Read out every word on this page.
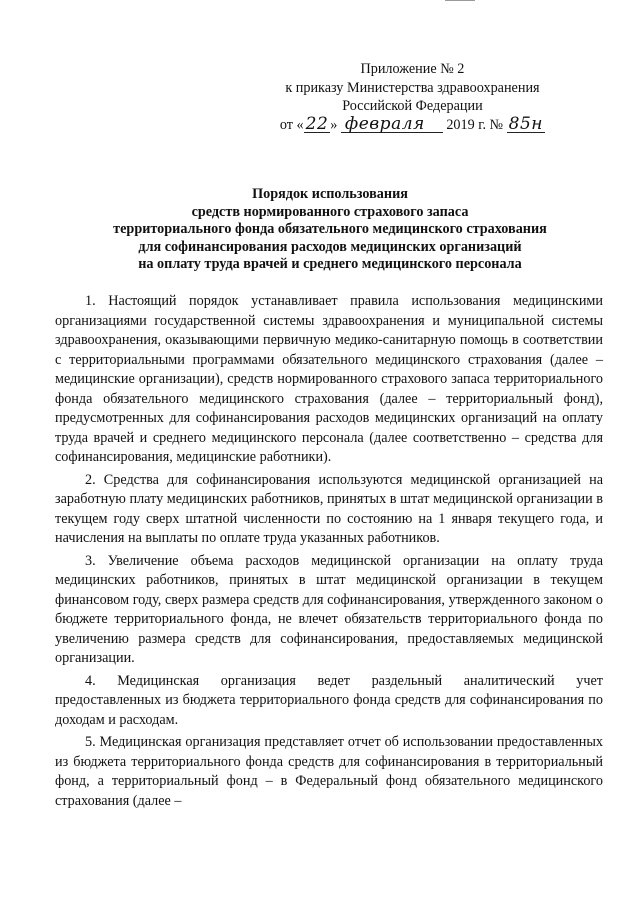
Приложение № 2
к приказу Министерства здравоохранения
Российской Федерации
от « 22 » февраля 2019 г. № 85н
Порядок использования
средств нормированного страхового запаса
территориального фонда обязательного медицинского страхования
для софинансирования расходов медицинских организаций
на оплату труда врачей и среднего медицинского персонала

1. Настоящий порядок устанавливает правила использования медицинскими организациями государственной системы здравоохранения и муниципальной системы здравоохранения, оказывающими первичную медико-санитарную помощь в соответствии с территориальными программами обязательного медицинского страхования (далее – медицинские организации), средств нормированного страхового запаса территориального фонда обязательного медицинского страхования (далее – территориальный фонд), предусмотренных для софинансирования расходов медицинских организаций на оплату труда врачей и среднего медицинского персонала (далее соответственно – средства для софинансирования, медицинские работники).

2. Средства для софинансирования используются медицинской организацией на заработную плату медицинских работников, принятых в штат медицинской организации в текущем году сверх штатной численности по состоянию на 1 января текущего года, и начисления на выплаты по оплате труда указанных работников.

3. Увеличение объема расходов медицинской организации на оплату труда медицинских работников, принятых в штат медицинской организации в текущем финансовом году, сверх размера средств для софинансирования, утвержденного законом о бюджете территориального фонда, не влечет обязательств территориального фонда по увеличению размера средств для софинансирования, предоставляемых медицинской организации.

4. Медицинская организация ведет раздельный аналитический учет предоставленных из бюджета территориального фонда средств для софинансирования по доходам и расходам.

5. Медицинская организация представляет отчет об использовании предоставленных из бюджета территориального фонда средств для софинансирования в территориальный фонд, а территориальный фонд – в Федеральный фонд обязательного медицинского страхования (далее –
